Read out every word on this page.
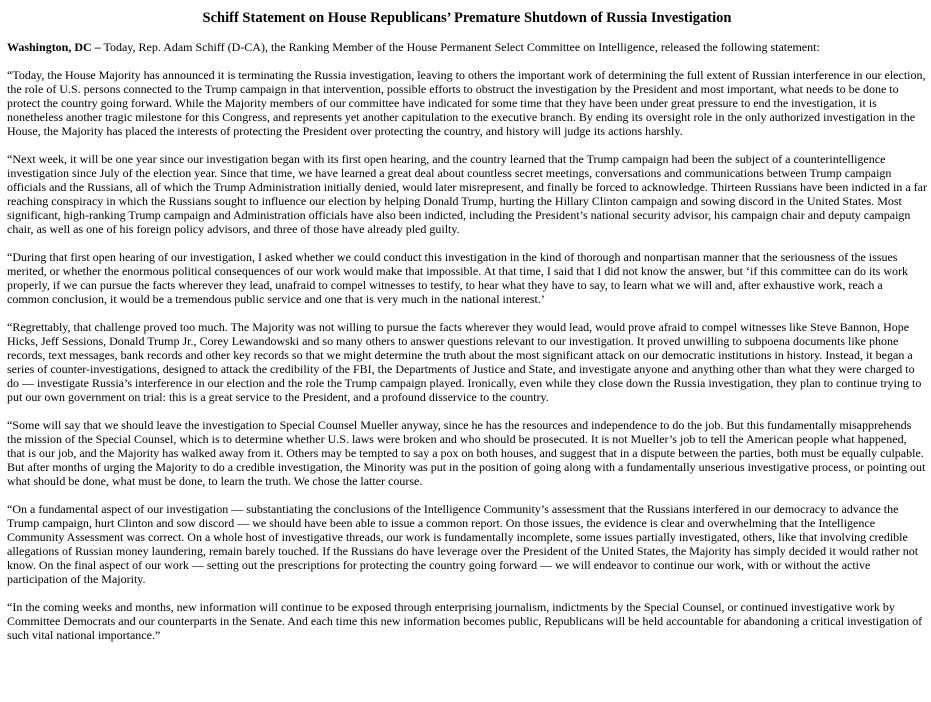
Schiff Statement on House Republicans’ Premature Shutdown of Russia Investigation

Washington, DC – Today, Rep. Adam Schiff (D-CA), the Ranking Member of the House Permanent Select Committee on Intelligence, released the following statement:

“Today, the House Majority has announced it is terminating the Russia investigation, leaving to others the important work of determining the full extent of Russian interference in our election, the role of U.S. persons connected to the Trump campaign in that intervention, possible efforts to obstruct the investigation by the President and most important, what needs to be done to protect the country going forward. While the Majority members of our committee have indicated for some time that they have been under great pressure to end the investigation, it is nonetheless another tragic milestone for this Congress, and represents yet another capitulation to the executive branch. By ending its oversight role in the only authorized investigation in the House, the Majority has placed the interests of protecting the President over protecting the country, and history will judge its actions harshly.

“Next week, it will be one year since our investigation began with its first open hearing, and the country learned that the Trump campaign had been the subject of a counterintelligence investigation since July of the election year. Since that time, we have learned a great deal about countless secret meetings, conversations and communications between Trump campaign officials and the Russians, all of which the Trump Administration initially denied, would later misrepresent, and finally be forced to acknowledge. Thirteen Russians have been indicted in a far reaching conspiracy in which the Russians sought to influence our election by helping Donald Trump, hurting the Hillary Clinton campaign and sowing discord in the United States. Most significant, high-ranking Trump campaign and Administration officials have also been indicted, including the President’s national security advisor, his campaign chair and deputy campaign chair, as well as one of his foreign policy advisors, and three of those have already pled guilty.

“During that first open hearing of our investigation, I asked whether we could conduct this investigation in the kind of thorough and nonpartisan manner that the seriousness of the issues merited, or whether the enormous political consequences of our work would make that impossible. At that time, I said that I did not know the answer, but ‘if this committee can do its work properly, if we can pursue the facts wherever they lead, unafraid to compel witnesses to testify, to hear what they have to say, to learn what we will and, after exhaustive work, reach a common conclusion, it would be a tremendous public service and one that is very much in the national interest.’

“Regrettably, that challenge proved too much. The Majority was not willing to pursue the facts wherever they would lead, would prove afraid to compel witnesses like Steve Bannon, Hope Hicks, Jeff Sessions, Donald Trump Jr., Corey Lewandowski and so many others to answer questions relevant to our investigation. It proved unwilling to subpoena documents like phone records, text messages, bank records and other key records so that we might determine the truth about the most significant attack on our democratic institutions in history. Instead, it began a series of counter-investigations, designed to attack the credibility of the FBI, the Departments of Justice and State, and investigate anyone and anything other than what they were charged to do — investigate Russia’s interference in our election and the role the Trump campaign played. Ironically, even while they close down the Russia investigation, they plan to continue trying to put our own government on trial: this is a great service to the President, and a profound disservice to the country.

“Some will say that we should leave the investigation to Special Counsel Mueller anyway, since he has the resources and independence to do the job. But this fundamentally misapprehends the mission of the Special Counsel, which is to determine whether U.S. laws were broken and who should be prosecuted. It is not Mueller’s job to tell the American people what happened, that is our job, and the Majority has walked away from it. Others may be tempted to say a pox on both houses, and suggest that in a dispute between the parties, both must be equally culpable. But after months of urging the Majority to do a credible investigation, the Minority was put in the position of going along with a fundamentally unserious investigative process, or pointing out what should be done, what must be done, to learn the truth. We chose the latter course.

“On a fundamental aspect of our investigation — substantiating the conclusions of the Intelligence Community’s assessment that the Russians interfered in our democracy to advance the Trump campaign, hurt Clinton and sow discord — we should have been able to issue a common report. On those issues, the evidence is clear and overwhelming that the Intelligence Community Assessment was correct. On a whole host of investigative threads, our work is fundamentally incomplete, some issues partially investigated, others, like that involving credible allegations of Russian money laundering, remain barely touched. If the Russians do have leverage over the President of the United States, the Majority has simply decided it would rather not know. On the final aspect of our work — setting out the prescriptions for protecting the country going forward — we will endeavor to continue our work, with or without the active participation of the Majority.

“In the coming weeks and months, new information will continue to be exposed through enterprising journalism, indictments by the Special Counsel, or continued investigative work by Committee Democrats and our counterparts in the Senate. And each time this new information becomes public, Republicans will be held accountable for abandoning a critical investigation of such vital national importance.”
